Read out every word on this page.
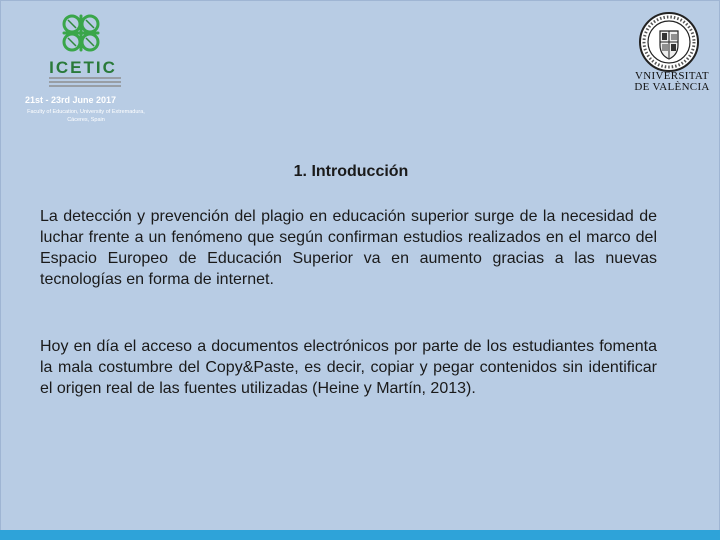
ICETIC
21st - 23rd June 2017
Faculty of Education, University of Extremadura, Cáceres, Spain
VNIVERSITAT
DE VALÈNCIA
1. Introducción

La detección y prevención del plagio en educación superior surge de la necesidad de luchar frente a un fenómeno que según confirman estudios realizados en el marco del Espacio Europeo de Educación Superior va en aumento gracias a las nuevas tecnologías en forma de internet.

Hoy en día el acceso a documentos electrónicos por parte de los estudiantes fomenta la mala costumbre del Copy&Paste, es decir, copiar y pegar contenidos sin identificar el origen real de las fuentes utilizadas (Heine y Martín, 2013).
